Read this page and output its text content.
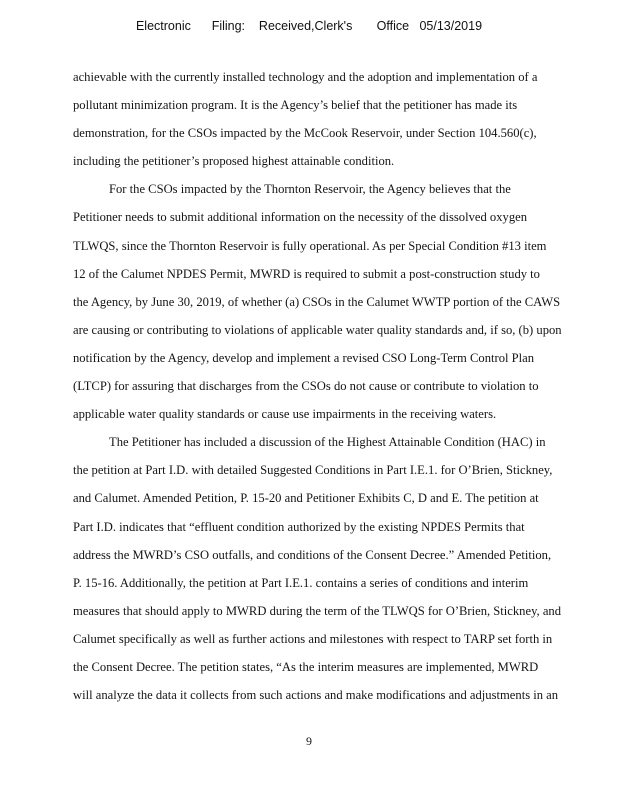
Electronic      Filing:    Received,Clerk's       Office   05/13/2019
achievable with the currently installed technology and the adoption and implementation of a
pollutant minimization program. It is the Agency’s belief that the petitioner has made its
demonstration, for the CSOs impacted by the McCook Reservoir, under Section 104.560(c),
including the petitioner’s proposed highest attainable condition.
For the CSOs impacted by the Thornton Reservoir, the Agency believes that the
Petitioner needs to submit additional information on the necessity of the dissolved oxygen
TLWQS, since the Thornton Reservoir is fully operational. As per Special Condition #13 item
12 of the Calumet NPDES Permit, MWRD is required to submit a post-construction study to
the Agency, by June 30, 2019, of whether (a) CSOs in the Calumet WWTP portion of the CAWS
are causing or contributing to violations of applicable water quality standards and, if so, (b) upon
notification by the Agency, develop and implement a revised CSO Long-Term Control Plan
(LTCP) for assuring that discharges from the CSOs do not cause or contribute to violation to
applicable water quality standards or cause use impairments in the receiving waters.
The Petitioner has included a discussion of the Highest Attainable Condition (HAC) in
the petition at Part I.D. with detailed Suggested Conditions in Part I.E.1. for O’Brien, Stickney,
and Calumet. Amended Petition, P. 15-20 and Petitioner Exhibits C, D and E. The petition at
Part I.D. indicates that “effluent condition authorized by the existing NPDES Permits that
address the MWRD’s CSO outfalls, and conditions of the Consent Decree.” Amended Petition,
P. 15-16. Additionally, the petition at Part I.E.1. contains a series of conditions and interim
measures that should apply to MWRD during the term of the TLWQS for O’Brien, Stickney, and
Calumet specifically as well as further actions and milestones with respect to TARP set forth in
the Consent Decree. The petition states, “As the interim measures are implemented, MWRD
will analyze the data it collects from such actions and make modifications and adjustments in an
9
